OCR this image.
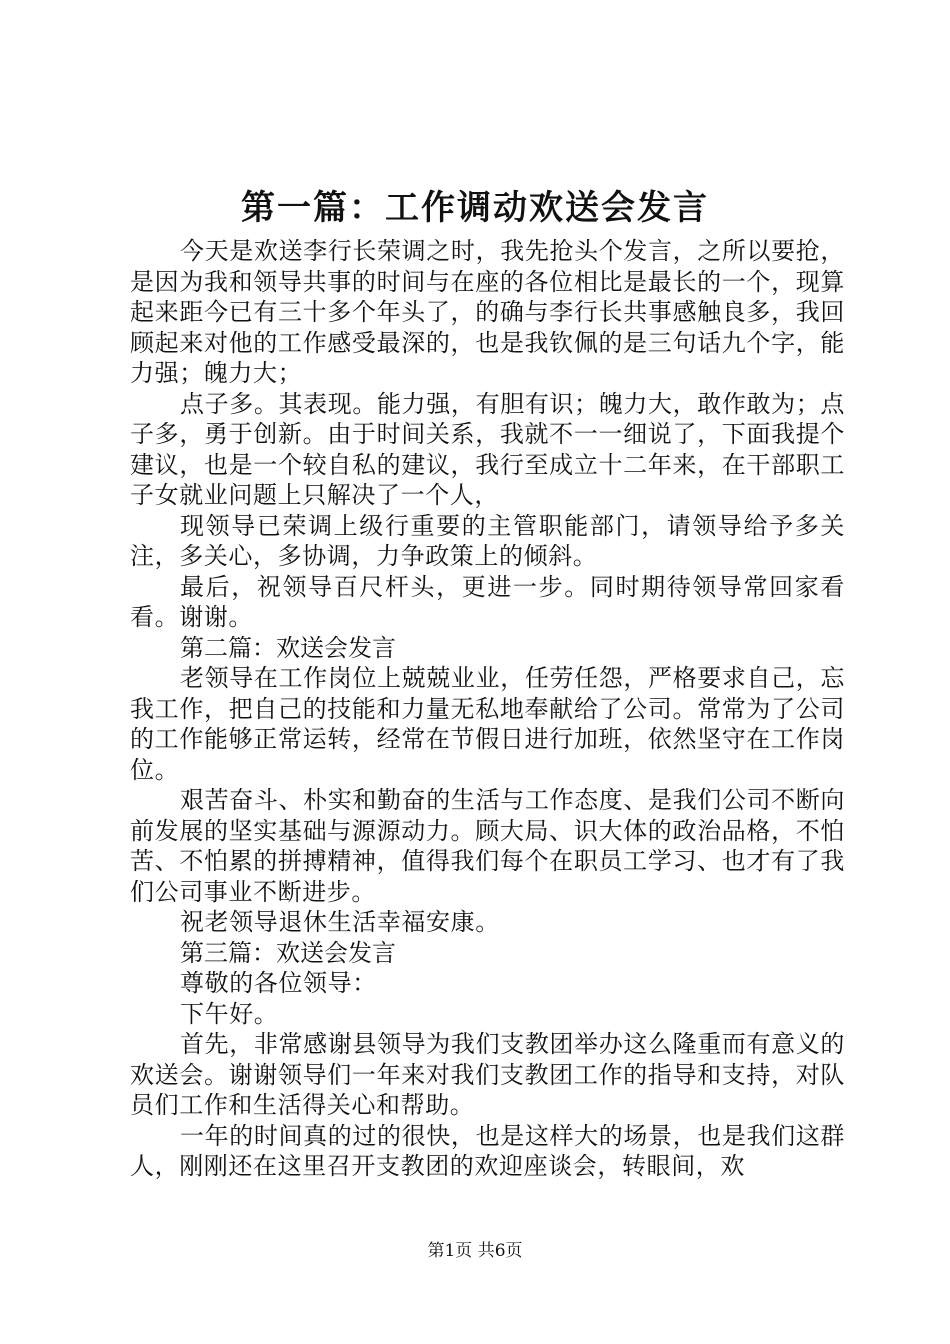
第一篇：工作调动欢送会发言

今天是欢送李行长荣调之时，我先抢头个发言，之所以要抢，是因为我和领导共事的时间与在座的各位相比是最长的一个，现算起来距今已有三十多个年头了，的确与李行长共事感触良多，我回顾起来对他的工作感受最深的，也是我钦佩的是三句话九个字，能力强；魄力大；

点子多。其表现。能力强，有胆有识；魄力大，敢作敢为；点子多，勇于创新。由于时间关系，我就不一一细说了，下面我提个建议，也是一个较自私的建议，我行至成立十二年来，在干部职工子女就业问题上只解决了一个人，

现领导已荣调上级行重要的主管职能部门，请领导给予多关注，多关心，多协调，力争政策上的倾斜。

最后，祝领导百尺杆头，更进一步。同时期待领导常回家看看。谢谢。

第二篇：欢送会发言

老领导在工作岗位上兢兢业业，任劳任怨，严格要求自己，忘我工作，把自己的技能和力量无私地奉献给了公司。常常为了公司的工作能够正常运转，经常在节假日进行加班，依然坚守在工作岗位。

艰苦奋斗、朴实和勤奋的生活与工作态度、是我们公司不断向前发展的坚实基础与源源动力。顾大局、识大体的政治品格，不怕苦、不怕累的拼搏精神，值得我们每个在职员工学习、也才有了我们公司事业不断进步。

祝老领导退休生活幸福安康。

第三篇：欢送会发言

尊敬的各位领导：

下午好。

首先，非常感谢县领导为我们支教团举办这么隆重而有意义的欢送会。谢谢领导们一年来对我们支教团工作的指导和支持，对队员们工作和生活得关心和帮助。

一年的时间真的过的很快，也是这样大的场景，也是我们这群人，刚刚还在这里召开支教团的欢迎座谈会，转眼间，欢

第1页 共6页
